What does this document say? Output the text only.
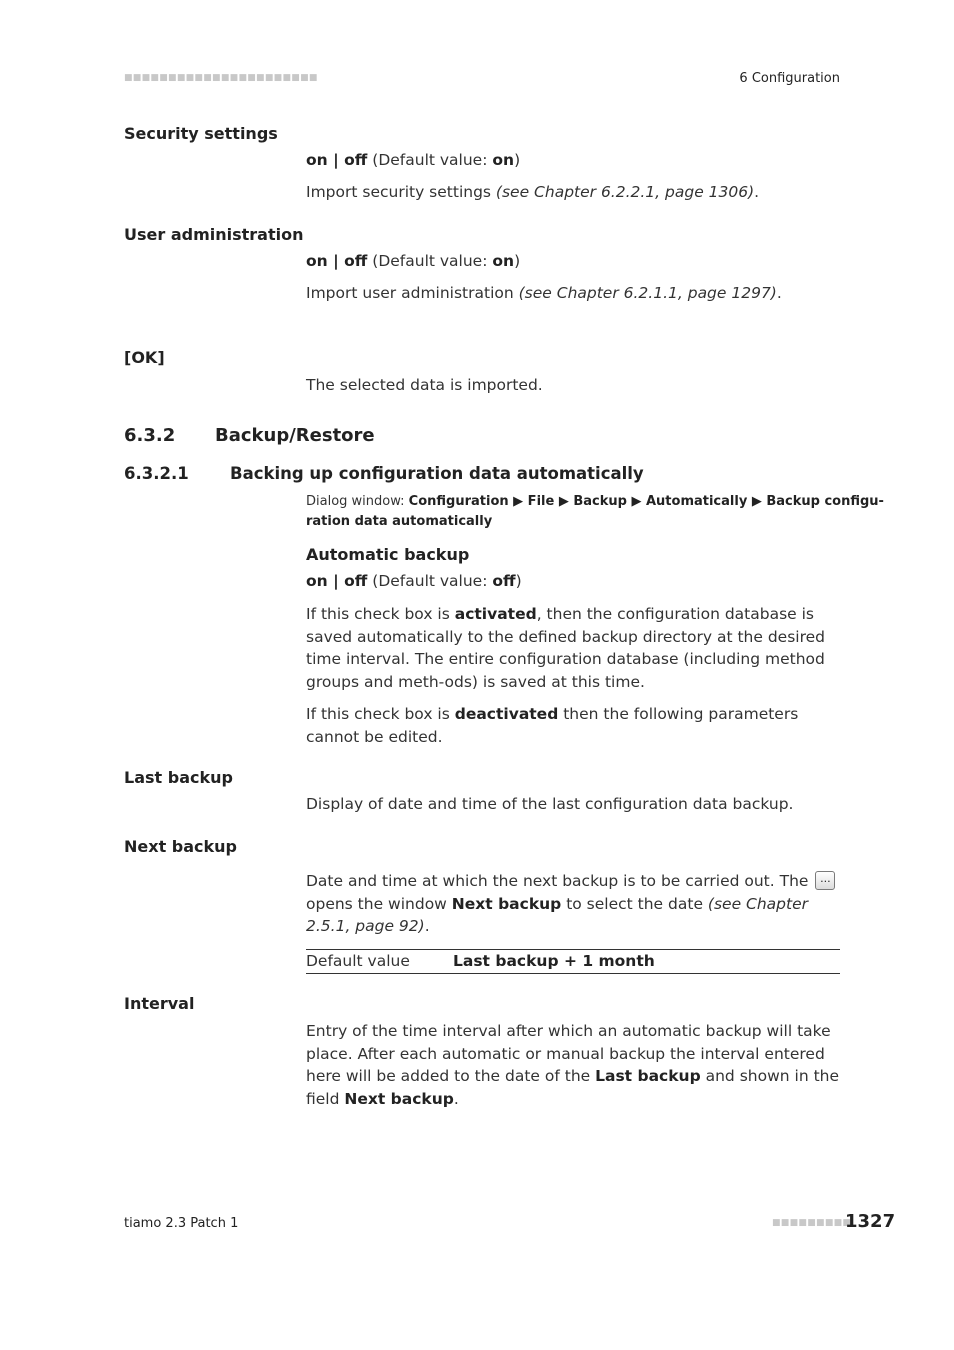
■■■■■■■■■■■■■■■■■■■■■■	6 Configuration
Security settings
on | off (Default value: on)
Import security settings (see Chapter 6.2.2.1, page 1306).
User administration
on | off (Default value: on)
Import user administration (see Chapter 6.2.1.1, page 1297).
[OK]
The selected data is imported.
6.3.2 Backup/Restore
6.3.2.1	Backing up configuration data automatically
Dialog window: Configuration ▶ File ▶ Backup ▶ Automatically ▶ Backup configu-
ration data automatically
Automatic backup
on | off (Default value: off)
If this check box is activated, then the configuration database is saved automatically to the defined backup directory at the desired time interval. The entire configuration database (including method groups and meth-ods) is saved at this time.
If this check box is deactivated then the following parameters cannot be edited.
Last backup
Display of date and time of the last configuration data backup.
Next backup
Date and time at which the next backup is to be carried out. The ... opens the window Next backup to select the date (see Chapter 2.5.1, page 92).
Default value	Last backup + 1 month
Interval
Entry of the time interval after which an automatic backup will take place. After each automatic or manual backup the interval entered here will be added to the date of the Last backup and shown in the field Next backup.
tiamo 2.3 Patch 1	■■■■■■■■■
1327
